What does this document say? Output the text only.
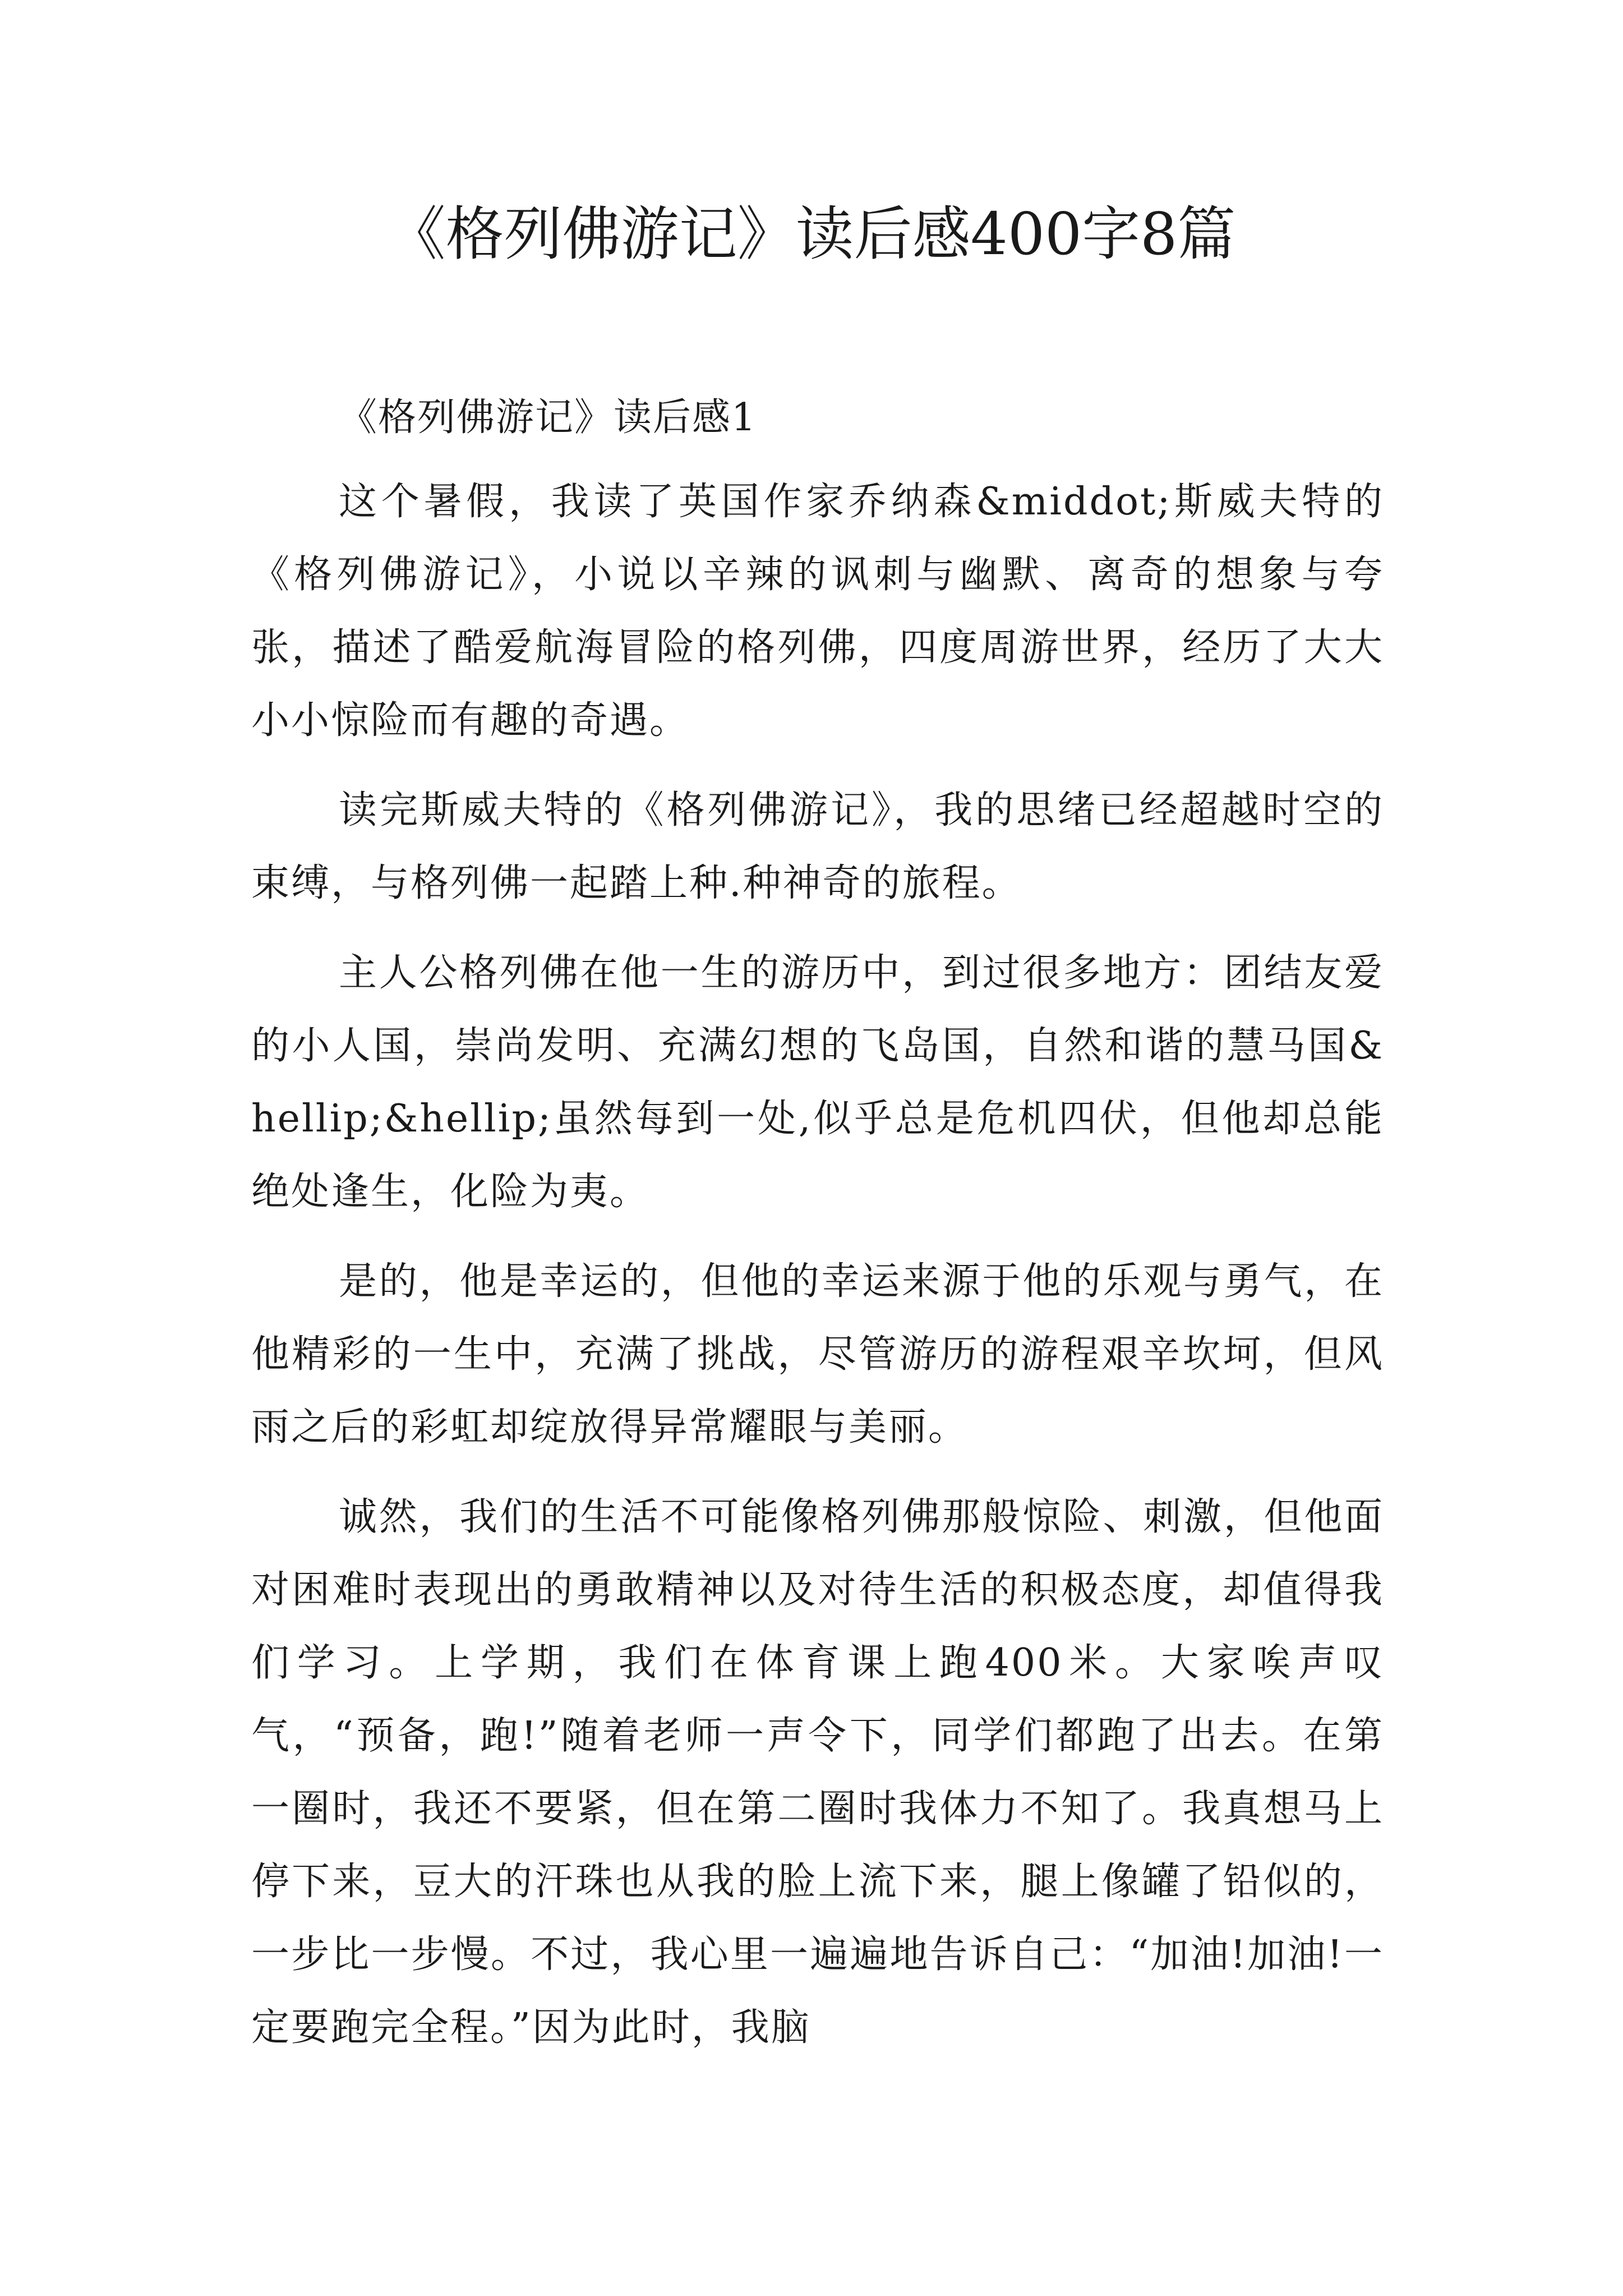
《格列佛游记》读后感400字8篇

《格列佛游记》读后感1

这个暑假，我读了英国作家乔纳森&middot;斯威夫特的《格列佛游记》，小说以辛辣的讽刺与幽默、离奇的想象与夸张，描述了酷爱航海冒险的格列佛，四度周游世界，经历了大大小小惊险而有趣的奇遇。

读完斯威夫特的《格列佛游记》，我的思绪已经超越时空的束缚，与格列佛一起踏上种.种神奇的旅程。

主人公格列佛在他一生的游历中，到过很多地方：团结友爱的小人国，崇尚发明、充满幻想的飞岛国，自然和谐的慧马国&hellip;&hellip;虽然每到一处,似乎总是危机四伏，但他却总能绝处逢生，化险为夷。

是的，他是幸运的，但他的幸运来源于他的乐观与勇气，在他精彩的一生中，充满了挑战，尽管游历的游程艰辛坎坷，但风雨之后的彩虹却绽放得异常耀眼与美丽。

诚然，我们的生活不可能像格列佛那般惊险、刺激，但他面对困难时表现出的勇敢精神以及对待生活的积极态度，却值得我们学习。上学期，我们在体育课上跑400米。大家唉声叹气，“预备，跑!”随着老师一声令下，同学们都跑了出去。在第一圈时，我还不要紧，但在第二圈时我体力不知了。我真想马上停下来，豆大的汗珠也从我的脸上流下来，腿上像罐了铅似的，一步比一步慢。不过，我心里一遍遍地告诉自己：“加油!加油!一定要跑完全程。”因为此时，我脑
